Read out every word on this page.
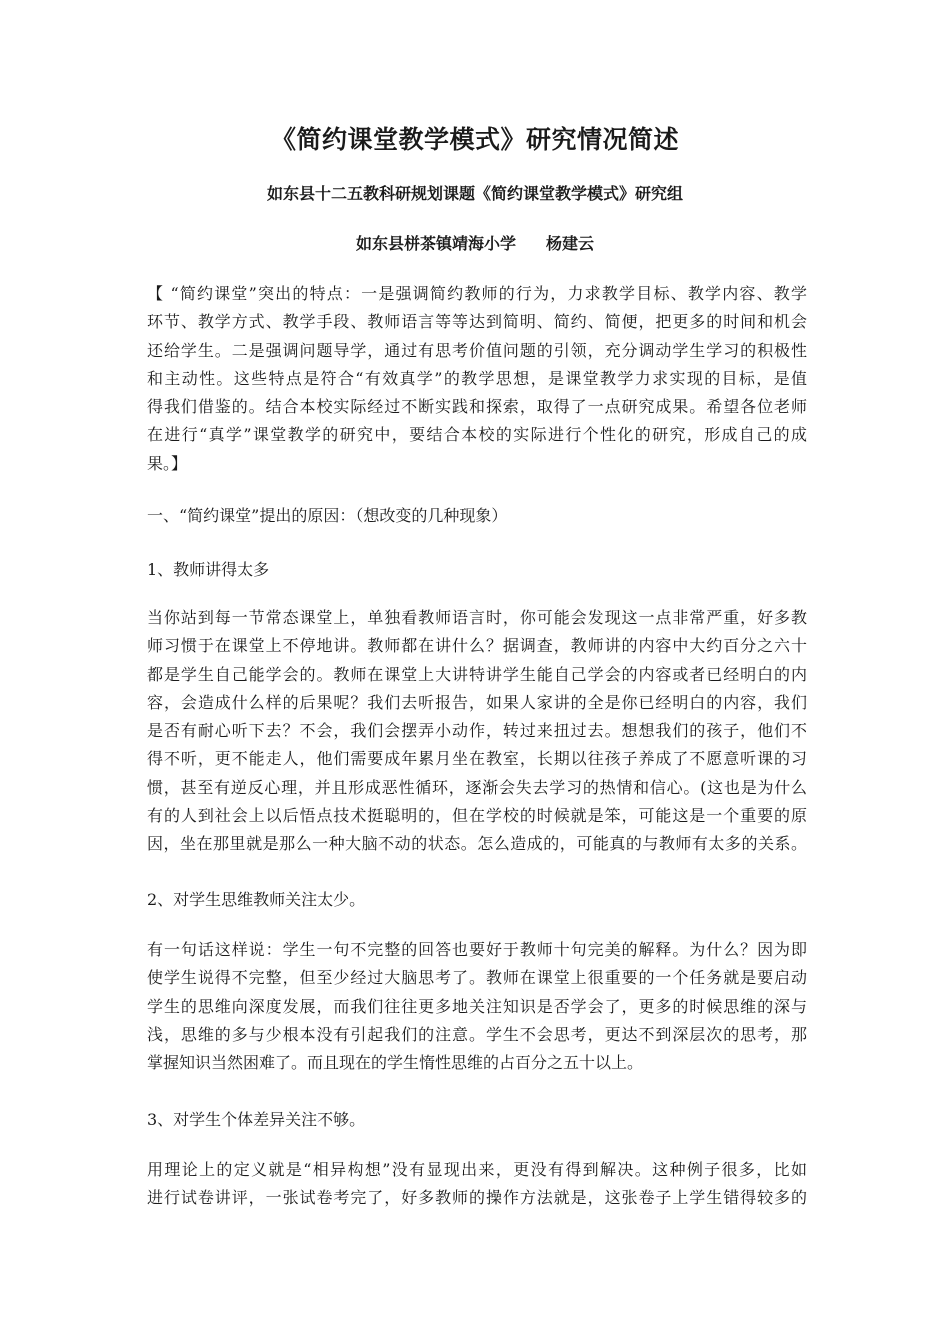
《简约课堂教学模式》研究情况简述
如东县十二五教科研规划课题《简约课堂教学模式》研究组
如东县栟茶镇靖海小学 杨建云
【 “简约课堂”突出的特点：一是强调简约教师的行为，力求教学目标、教学内容、教学
环节、教学方式、教学手段、教师语言等等达到简明、简约、简便，把更多的时间和机会
还给学生。二是强调问题导学，通过有思考价值问题的引领，充分调动学生学习的积极性
和主动性。这些特点是符合“有效真学”的教学思想，是课堂教学力求实现的目标，是值
得我们借鉴的。结合本校实际经过不断实践和探索，取得了一点研究成果。希望各位老师
在进行“真学”课堂教学的研究中，要结合本校的实际进行个性化的研究，形成自己的成
果。】
一、“简约课堂”提出的原因：（想改变的几种现象）
1、教师讲得太多
当你站到每一节常态课堂上，单独看教师语言时，你可能会发现这一点非常严重，好多教
师习惯于在课堂上不停地讲。教师都在讲什么？据调查，教师讲的内容中大约百分之六十
都是学生自己能学会的。教师在课堂上大讲特讲学生能自己学会的内容或者已经明白的内
容，会造成什么样的后果呢？我们去听报告，如果人家讲的全是你已经明白的内容，我们
是否有耐心听下去？不会，我们会摆弄小动作，转过来扭过去。想想我们的孩子，他们不
得不听，更不能走人，他们需要成年累月坐在教室，长期以往孩子养成了不愿意听课的习
惯，甚至有逆反心理，并且形成恶性循环，逐渐会失去学习的热情和信心。(这也是为什么
有的人到社会上以后悟点技术挺聪明的，但在学校的时候就是笨，可能这是一个重要的原
因，坐在那里就是那么一种大脑不动的状态。怎么造成的，可能真的与教师有太多的关系。
2、对学生思维教师关注太少。
有一句话这样说：学生一句不完整的回答也要好于教师十句完美的解释。为什么？因为即
使学生说得不完整，但至少经过大脑思考了。教师在课堂上很重要的一个任务就是要启动
学生的思维向深度发展，而我们往往更多地关注知识是否学会了，更多的时候思维的深与
浅，思维的多与少根本没有引起我们的注意。学生不会思考，更达不到深层次的思考，那
掌握知识当然困难了。而且现在的学生惰性思维的占百分之五十以上。
3、对学生个体差异关注不够。
用理论上的定义就是“相异构想”没有显现出来，更没有得到解决。这种例子很多，比如
进行试卷讲评，一张试卷考完了，好多教师的操作方法就是，这张卷子上学生错得较多的
